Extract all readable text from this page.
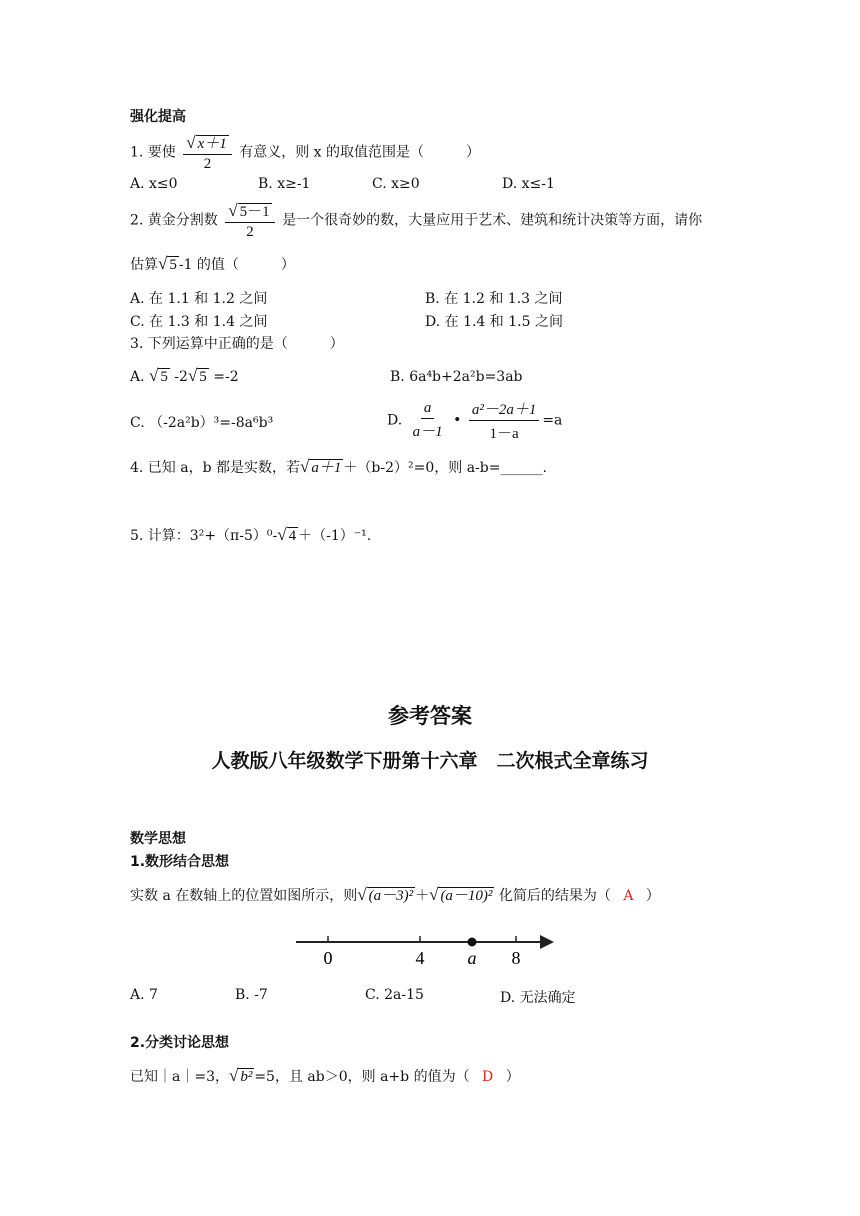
强化提高
1. 要使 $\frac{√ x+1}{2}$ 有意义，则 x 的取值范围是（　　　）
A. x≤0	B. x≥-1	C. x≥0	D. x≤-1
2. 黄金分割数 $\frac{√ 5-1}{2}$ 是一个很奇妙的数，大量应用于艺术、建筑和统计决策等方面，请你
估算√ 5 -1 的值（　　　）
A. 在 1.1 和 1.2 之间	B. 在 1.2 和 1.3 之间
C. 在 1.3 和 1.4 之间	D. 在 1.4 和 1.5 之间
3. 下列运算中正确的是（　　　）
A. √ 5 -2√ 5 =-2	B. 6a⁴b+2a²b=3ab
C. （-2a²b）³=-8a⁶b³	D. $\frac{a}{a-1}$ • $\frac{\text{a²－2a＋1}}{1-a} =a$
4. 已知 a，b 都是实数，若√ a＋1 ＋（b-2）²=0，则 a-b=______.
5. 计算：3²+（π-5）⁰-√ 4 ＋（-1）⁻¹.
参考答案
人教版八年级数学下册第十六章　二次根式全章练习
数学思想
1.数形结合思想
实数 a 在数轴上的位置如图所示，则√ (a－3)² ＋√ (a－10)² 化简后的结果为（ A ）
0	4 a 8
A. 7	B. -7	C. 2a-15	D. 无法确定
2.分类讨论思想
已知｜a｜=3，√ b² =5，且 ab＞0，则 a+b 的值为（ D ）
